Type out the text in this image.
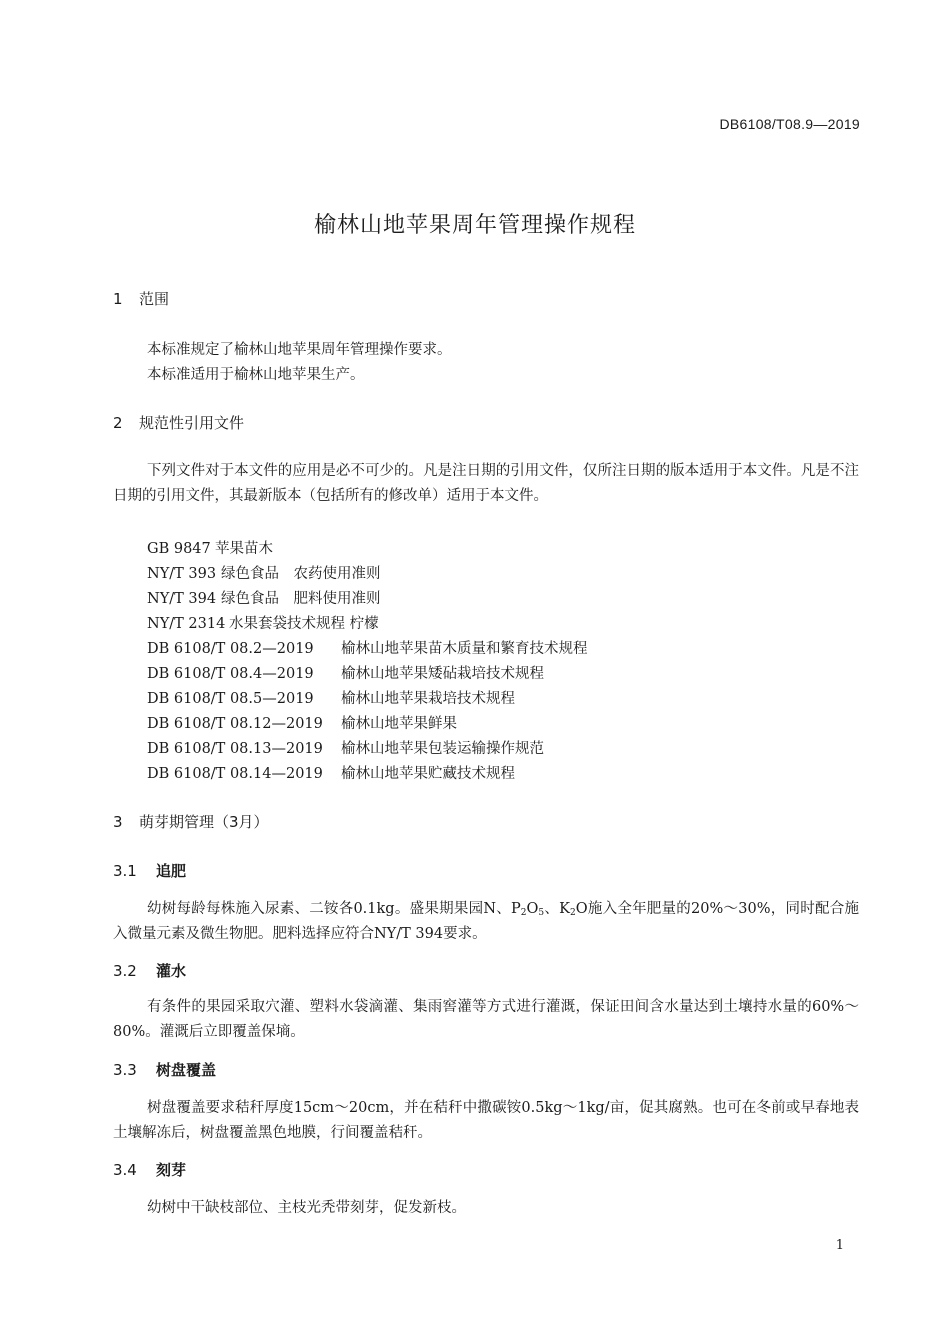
DB6108/T08.9—2019
榆林山地苹果周年管理操作规程
1 范围
本标准规定了榆林山地苹果周年管理操作要求。
本标准适用于榆林山地苹果生产。
2 规范性引用文件
下列文件对于本文件的应用是必不可少的。凡是注日期的引用文件，仅所注日期的版本适用于本文件。凡是不注日期的引用文件，其最新版本（包括所有的修改单）适用于本文件。
GB 9847 苹果苗木
NY/T 393 绿色食品　农药使用准则
NY/T 394 绿色食品　肥料使用准则
NY/T 2314 水果套袋技术规程 柠檬
DB 6108/T 08.2—2019 榆林山地苹果苗木质量和繁育技术规程
DB 6108/T 08.4—2019 榆林山地苹果矮砧栽培技术规程
DB 6108/T 08.5—2019 榆林山地苹果栽培技术规程
DB 6108/T 08.12—2019 榆林山地苹果鲜果
DB 6108/T 08.13—2019 榆林山地苹果包装运输操作规范
DB 6108/T 08.14—2019 榆林山地苹果贮藏技术规程
3 萌芽期管理（3月）
3.1 追肥
幼树每龄每株施入尿素、二铵各0.1kg。盛果期果园N、$P_2O_5$、$K_2O$施入全年肥量的20%～30%，同时配合施入微量元素及微生物肥。肥料选择应符合NY/T 394要求。
3.2 灌水
有条件的果园采取穴灌、塑料水袋滴灌、集雨窖灌等方式进行灌溉，保证田间含水量达到土壤持水量的60%～80%。灌溉后立即覆盖保墒。
3.3 树盘覆盖
树盘覆盖要求秸秆厚度15cm～20cm，并在秸秆中撒碳铵0.5kg～1kg/亩，促其腐熟。也可在冬前或早春地表土壤解冻后，树盘覆盖黑色地膜，行间覆盖秸秆。
3.4 刻芽
幼树中干缺枝部位、主枝光秃带刻芽，促发新枝。
1
